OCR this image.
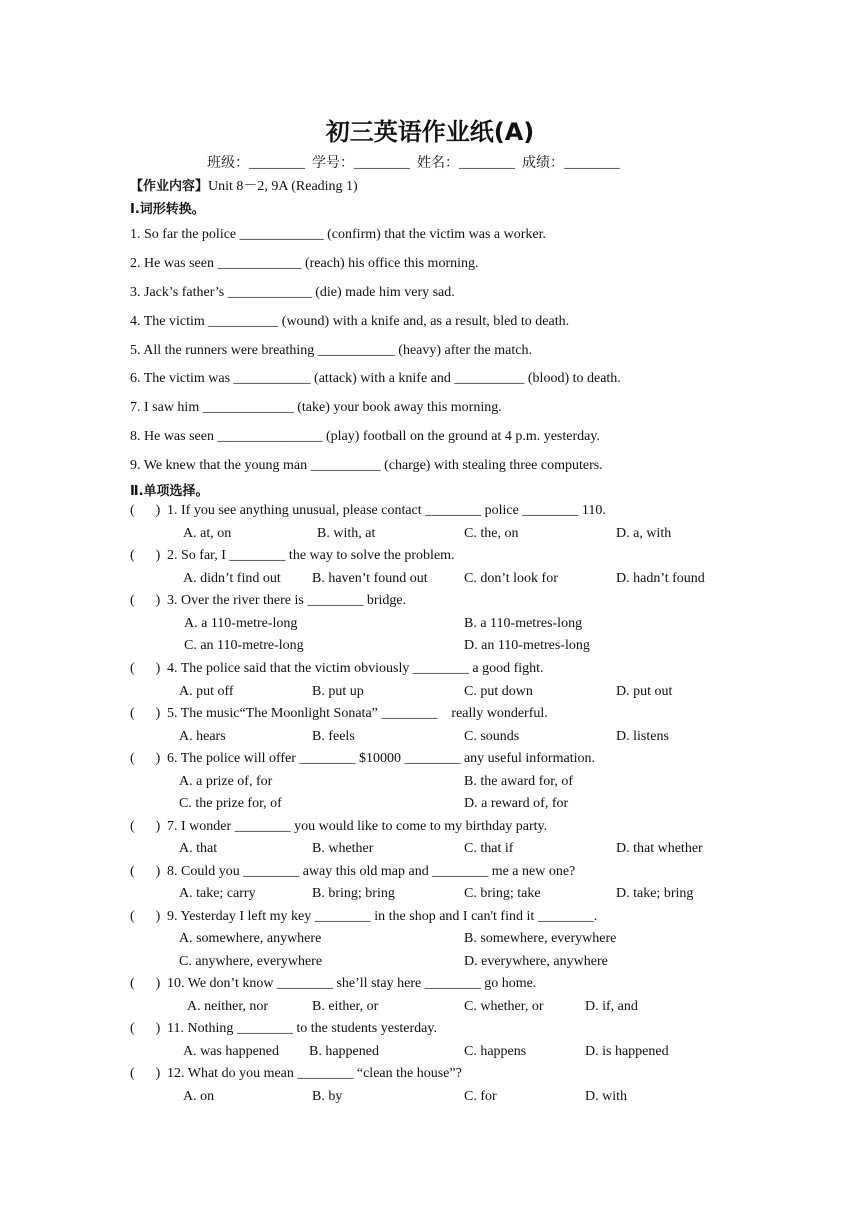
初三英语作业纸(A)
班级：________  学号：________  姓名：________  成绩：________
【作业内容】Unit 8－2, 9A (Reading 1)
Ⅰ.词形转换。
1. So far the police ____________ (confirm) that the victim was a worker.
2. He was seen ____________ (reach) his office this morning.
3. Jack’s father’s ____________ (die) made him very sad.
4. The victim __________ (wound) with a knife and, as a result, bled to death.
5. All the runners were breathing ___________ (heavy) after the match.
6. The victim was ___________ (attack) with a knife and __________ (blood) to death.
7. I saw him _____________ (take) your book away this morning.
8. He was seen _______________ (play) football on the ground at 4 p.m. yesterday.
9. We knew that the young man __________ (charge) with stealing three computers.
Ⅱ.单项选择。
(      ) 1. If you see anything unusual, please contact ________ police ________ 110.
A. at, on	B. with, at	C. the, on	D. a, with
(      ) 2. So far, I ________ the way to solve the problem.
A. didn’t find out B. haven’t found out	C. don’t look for	D. hadn’t found
(      ) 3. Over the river there is ________ bridge.
A. a 110-metre-long	B. a 110-metres-long
C. an 110-metre-long	D. an 110-metres-long
(      ) 4. The police said that the victim obviously ________ a good fight.
A. put off	B. put up	C. put down	D. put out
(      ) 5. The music“The Moonlight Sonata” ________    really wonderful.
A. hears	B. feels	C. sounds	D. listens
(      ) 6. The police will offer ________ $10000 ________ any useful information.
A. a prize of, for	B. the award for, of
C. the prize for, of	D. a reward of, for
(      ) 7. I wonder ________ you would like to come to my birthday party.
A. that	B. whether	C. that if	D. that whether
(      ) 8. Could you ________ away this old map and ________ me a new one?
A. take; carry	B. bring; bring	C. bring; take	D. take; bring
(      ) 9. Yesterday I left my key ________ in the shop and I can't find it ________.
A. somewhere, anywhere	B. somewhere, everywhere
C. anywhere, everywhere	D. everywhere, anywhere
(      ) 10. We don’t know ________ she’ll stay here ________ go home.
A. neither, nor	B. either, or	C. whether, or	D. if, and
(      ) 11. Nothing ________ to the students yesterday.
A. was happened B. happened	C. happens	D. is happened
(      ) 12. What do you mean ________ “clean the house”?
A. on	B. by	C. for	D. with
